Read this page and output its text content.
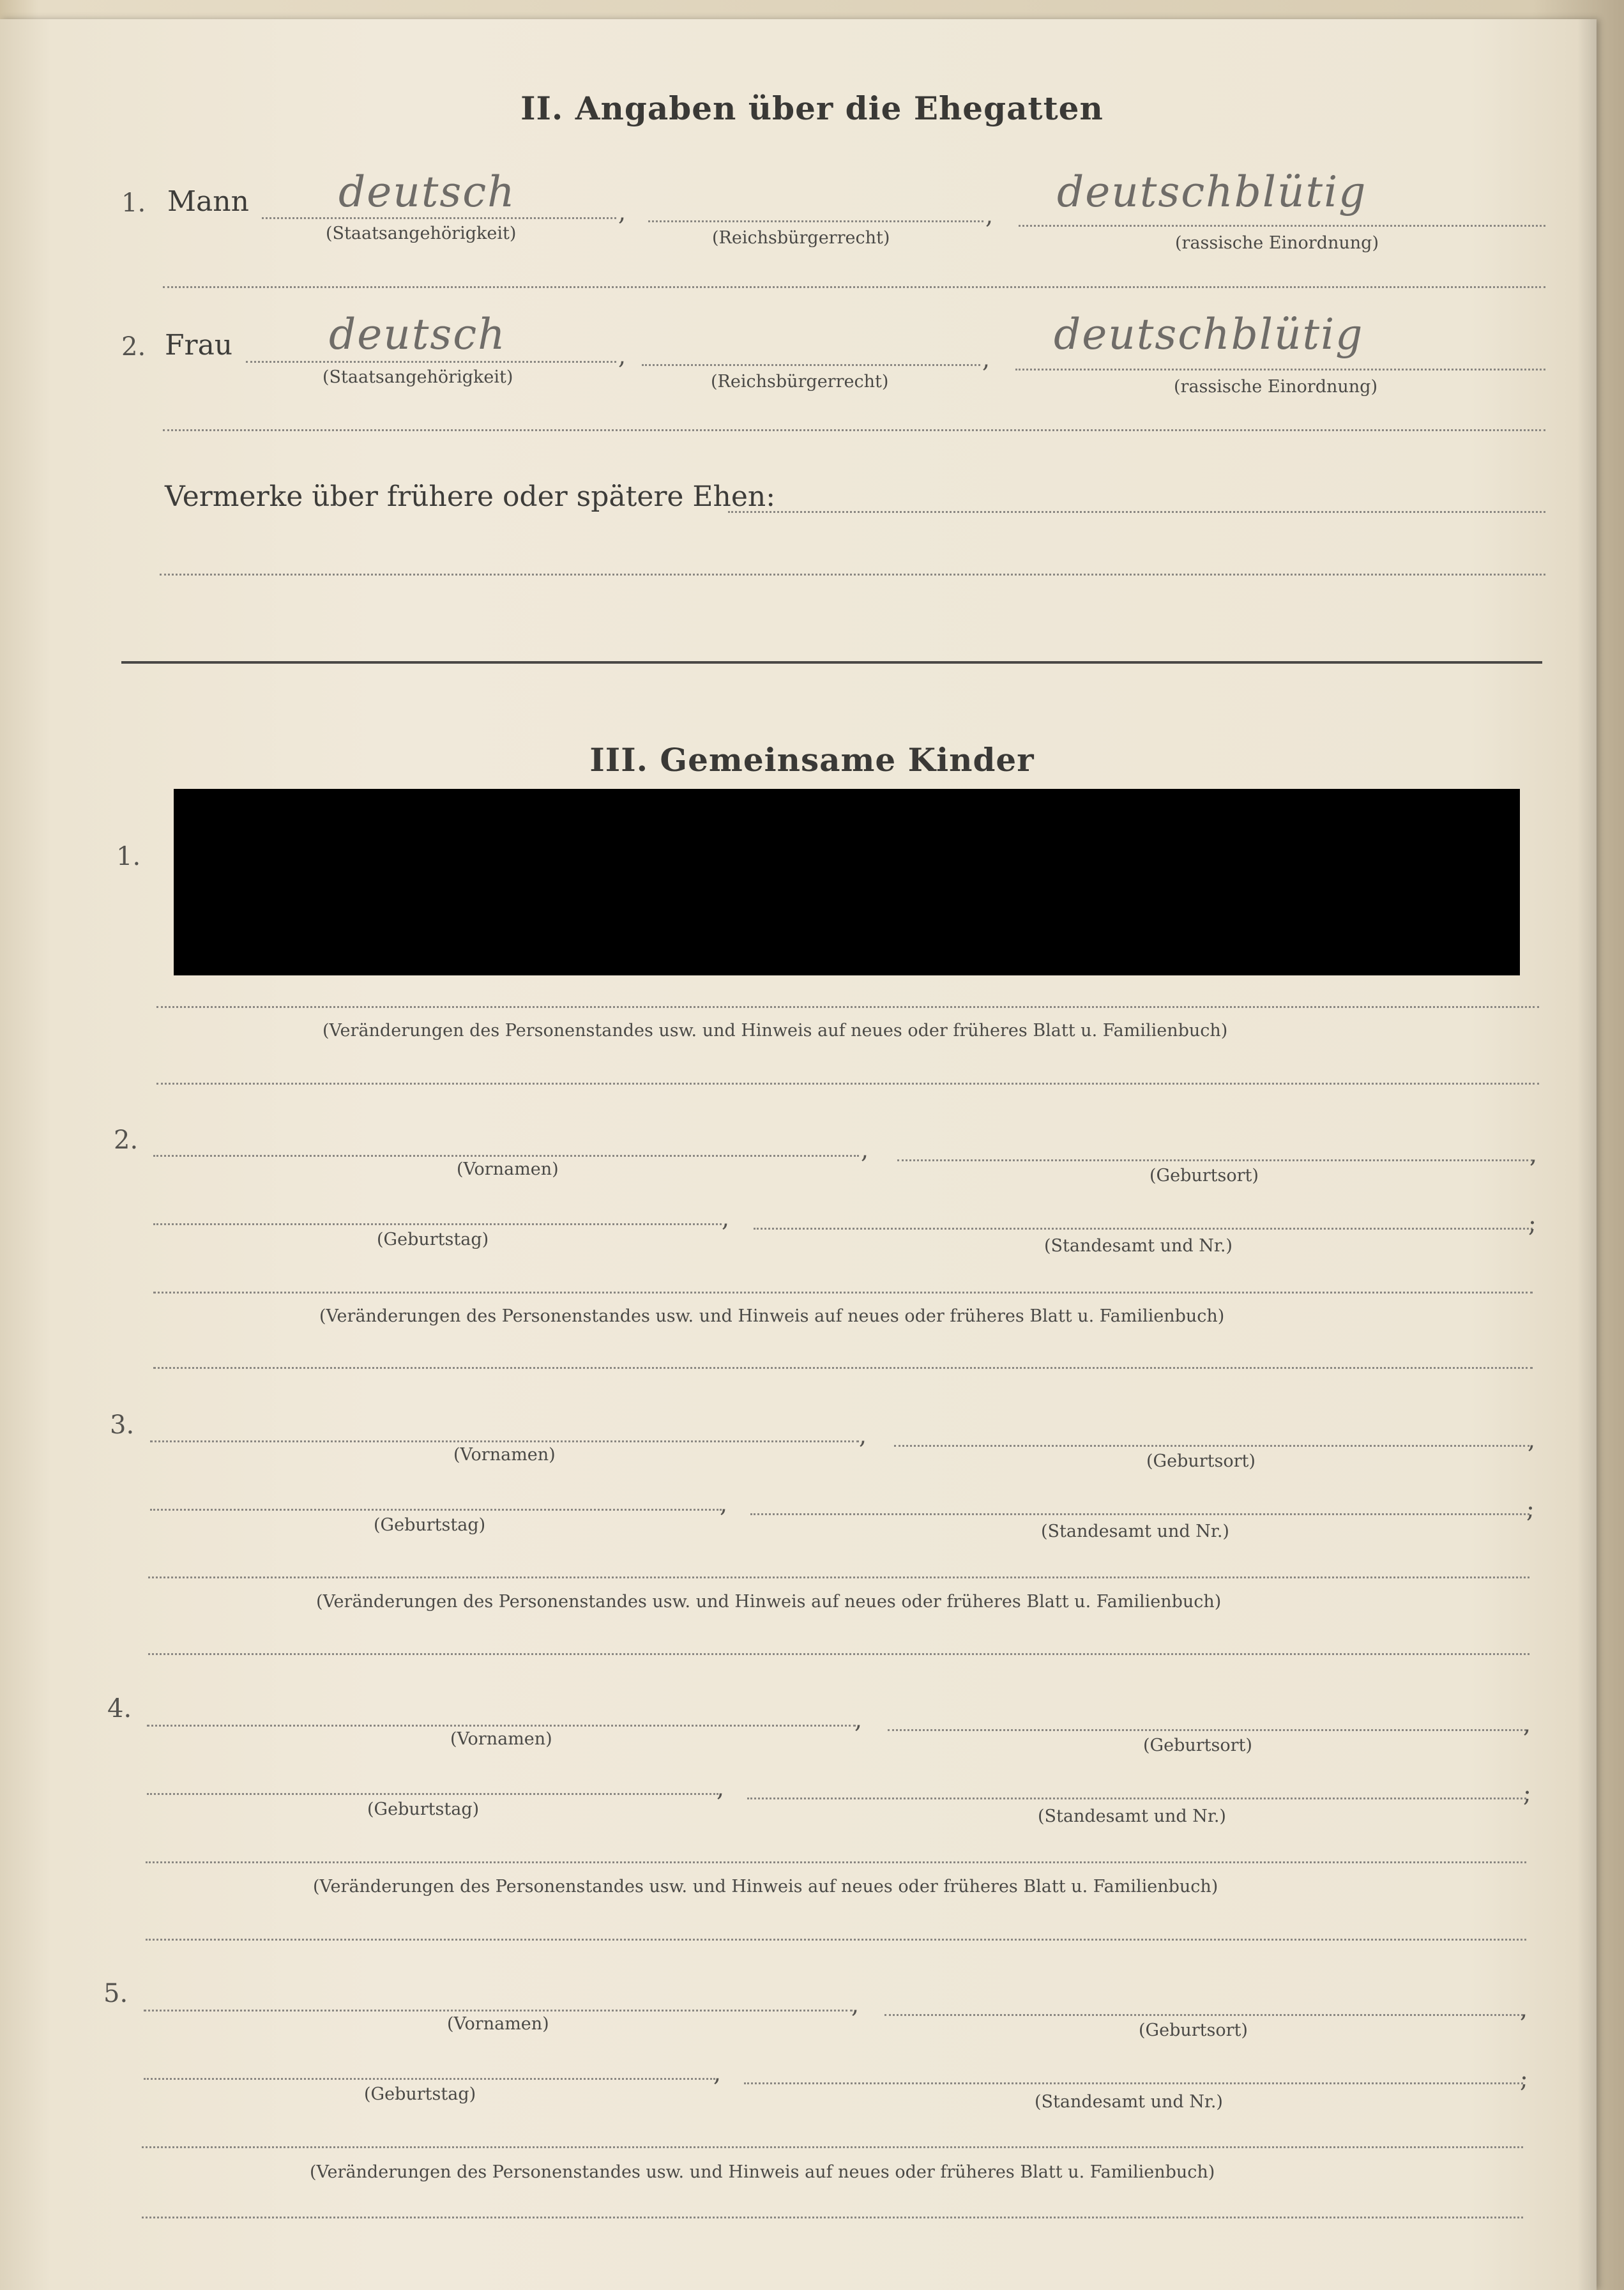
II. Angaben über die Ehegatten
1. Mann deutsch	,
(Staatsangehörigkeit)
,
(Reichsbürgerrecht)
deutschblütig
(rassische Einordnung)
2. Frau deutsch	,
(Staatsangehörigkeit)
,
(Reichsbürgerrecht)
deutschblütig
(rassische Einordnung)
Vermerke über frühere oder spätere Ehen:
III. Gemeinsame Kinder
1.
(Veränderungen des Personenstandes usw. und Hinweis auf neues oder früheres Blatt u. Familienbuch)
2.	,
(Vornamen)
,
(Geburtsort)
,
(Geburtstag)
;
(Standesamt und Nr.)
(Veränderungen des Personenstandes usw. und Hinweis auf neues oder früheres Blatt u. Familienbuch)
3.	,
(Vornamen)
,
(Geburtsort)
,
(Geburtstag)
;
(Standesamt und Nr.)
(Veränderungen des Personenstandes usw. und Hinweis auf neues oder früheres Blatt u. Familienbuch)
4.	,
(Vornamen)
,
(Geburtsort)
,
(Geburtstag)
;
(Standesamt und Nr.)
(Veränderungen des Personenstandes usw. und Hinweis auf neues oder früheres Blatt u. Familienbuch)
5.	,
(Vornamen)
,
(Geburtsort)
,
(Geburtstag)
;
(Standesamt und Nr.)
(Veränderungen des Personenstandes usw. und Hinweis auf neues oder früheres Blatt u. Familienbuch)
